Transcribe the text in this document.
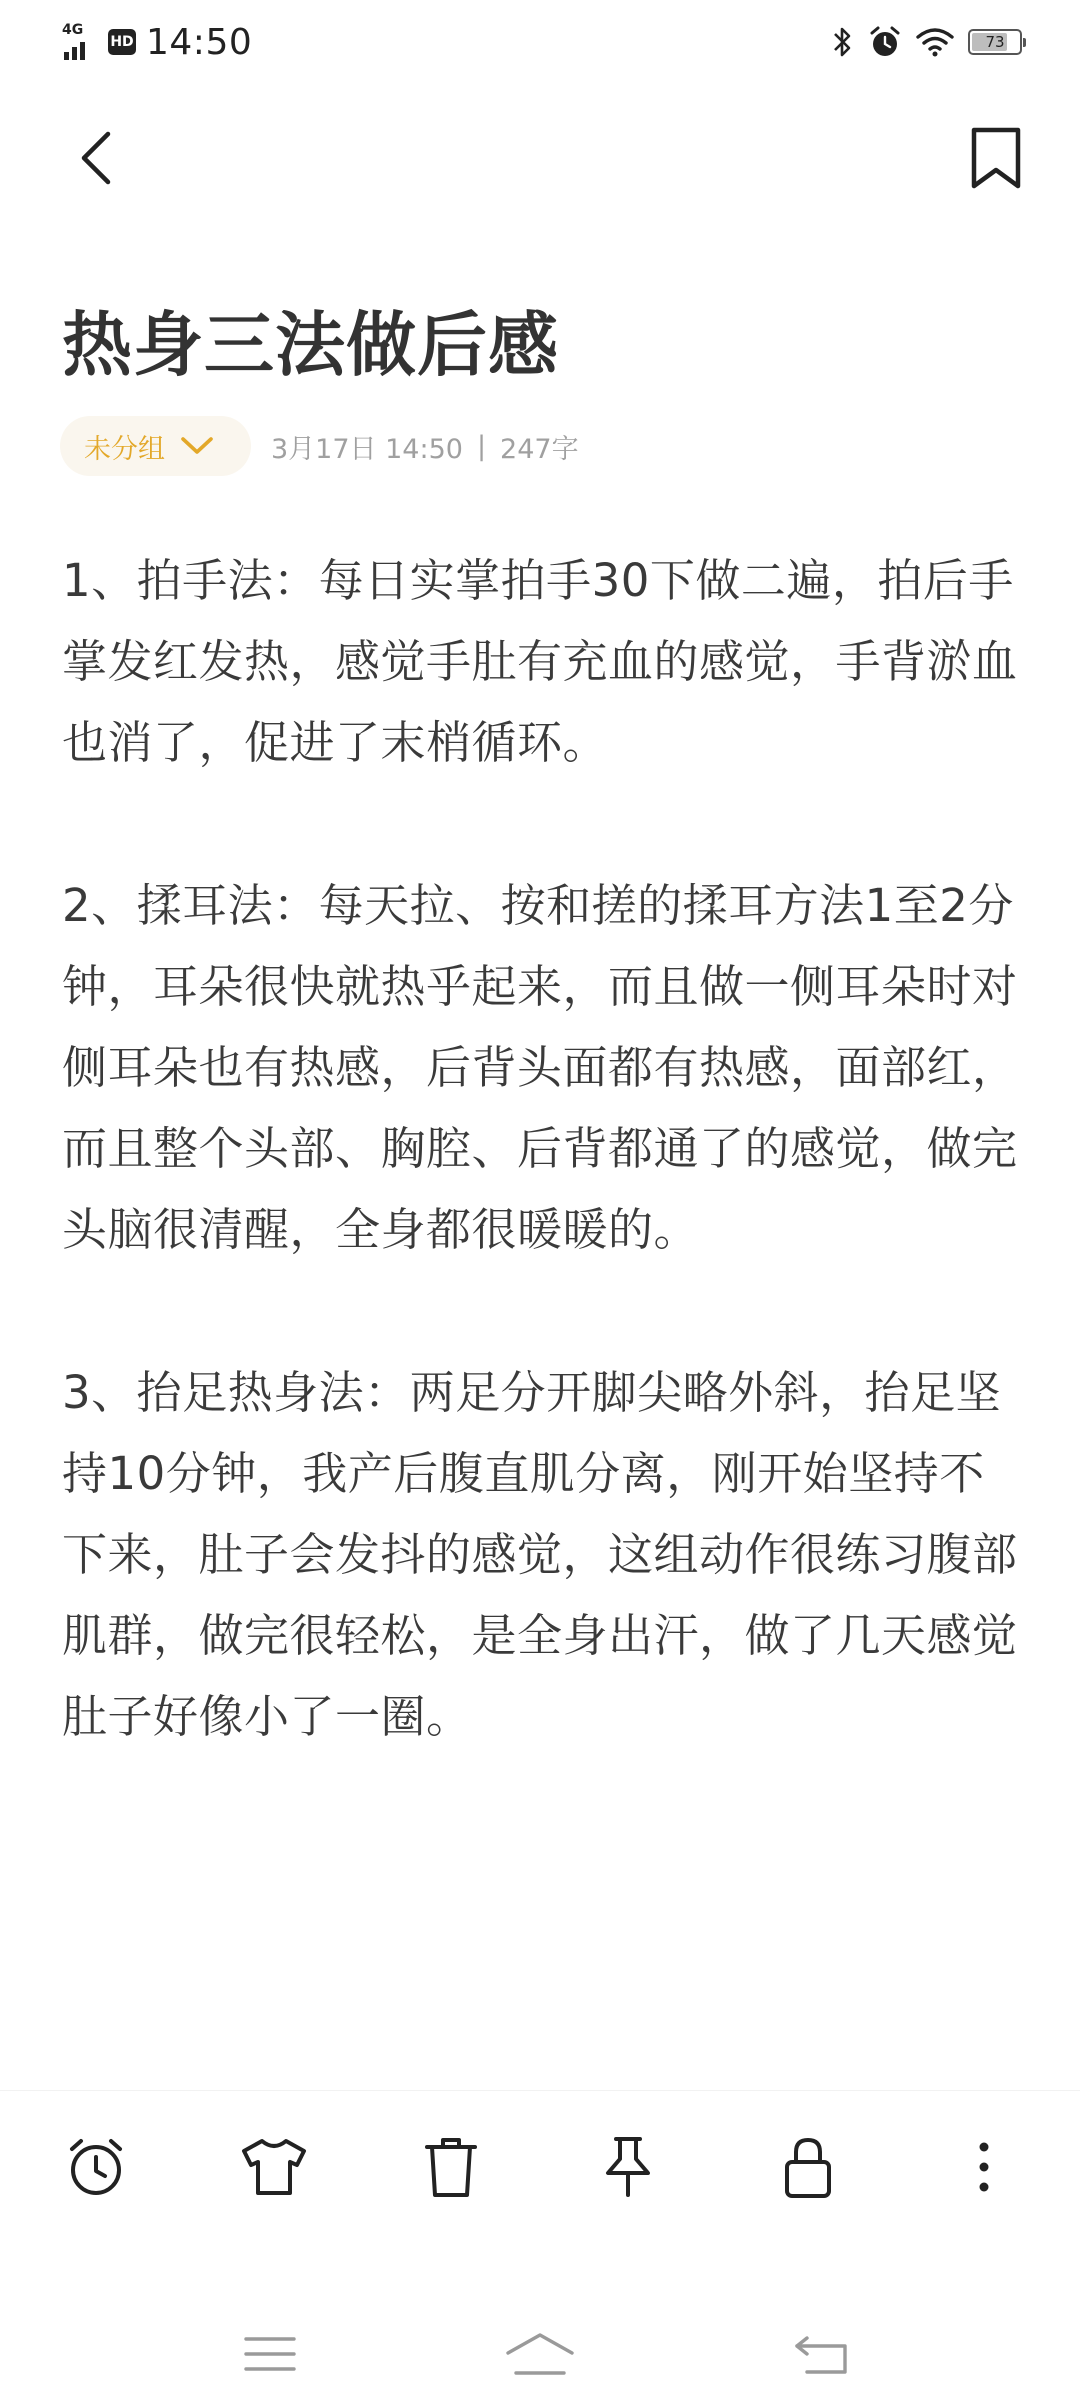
4G
HD 14:50	73
热身三法做后感
未分组	3月17日 14:50 | 247字

1、拍手法：每日实掌拍手30下做二遍，拍后手掌发红发热，感觉手肚有充血的感觉，手背淤血也消了，促进了末梢循环。

2、揉耳法：每天拉、按和搓的揉耳方法1至2分钟，耳朵很快就热乎起来，而且做一侧耳朵时对侧耳朵也有热感，后背头面都有热感，面部红，而且整个头部、胸腔、后背都通了的感觉，做完头脑很清醒，全身都很暖暖的。

3、抬足热身法：两足分开脚尖略外斜，抬足坚持10分钟，我产后腹直肌分离，刚开始坚持不下来，肚子会发抖的感觉，这组动作很练习腹部肌群，做完很轻松，是全身出汗，做了几天感觉肚子好像小了一圈。
